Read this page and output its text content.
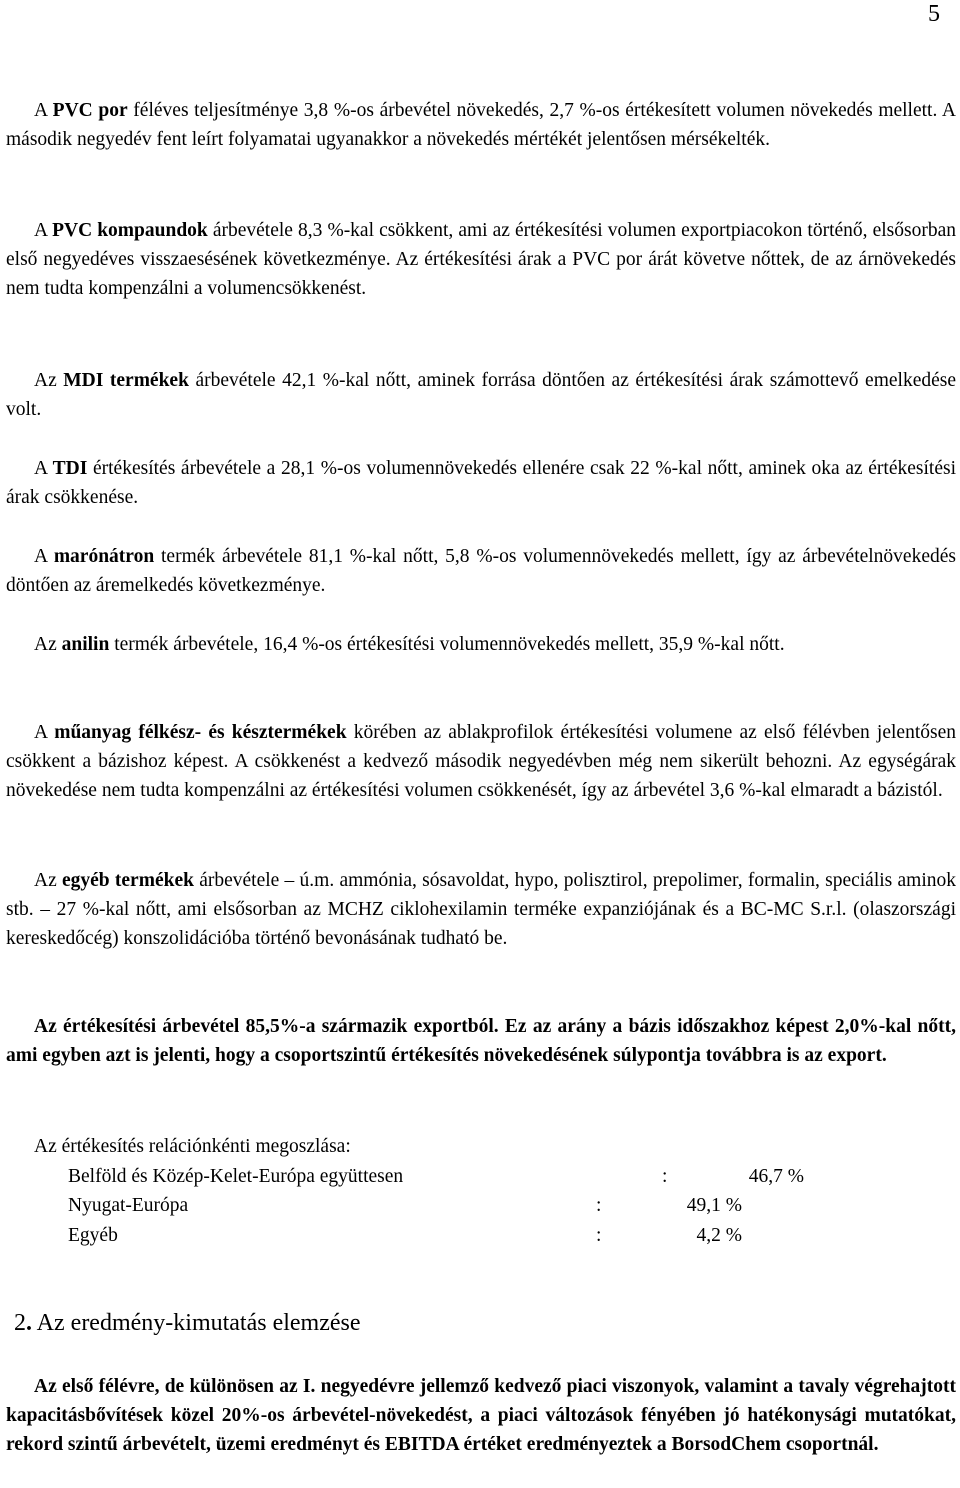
5

A PVC por féléves teljesítménye 3,8 %-os árbevétel növekedés, 2,7 %-os értékesített volumen növekedés mellett. A második negyedév fent leírt folyamatai ugyanakkor a növekedés mértékét jelentősen mérsékelték.

A PVC kompaundok árbevétele 8,3 %-kal csökkent, ami az értékesítési volumen exportpiacokon történő, elsősorban első negyedéves visszaesésének következménye. Az értékesítési árak a PVC por árát követve nőttek, de az árnövekedés nem tudta kompenzálni a volumencsökkenést.

Az MDI termékek árbevétele 42,1 %-kal nőtt, aminek forrása döntően az értékesítési árak számottevő emelkedése volt.

A TDI értékesítés árbevétele a 28,1 %-os volumennövekedés ellenére csak 22 %-kal nőtt, aminek oka az értékesítési árak csökkenése.

A marónátron termék árbevétele 81,1 %-kal nőtt, 5,8 %-os volumennövekedés mellett, így az árbevételnövekedés döntően az áremelkedés következménye.

Az anilin termék árbevétele, 16,4 %-os értékesítési volumennövekedés mellett, 35,9 %-kal nőtt.

A műanyag félkész- és késztermékek körében az ablakprofilok értékesítési volumene az első félévben jelentősen csökkent a bázishoz képest. A csökkenést a kedvező második negyedévben még nem sikerült behozni. Az egységárak növekedése nem tudta kompenzálni az értékesítési volumen csökkenését, így az árbevétel 3,6 %-kal elmaradt a bázistól.

Az egyéb termékek árbevétele – ú.m. ammónia, sósavoldat, hypo, polisztirol, prepolimer, formalin, speciális aminok stb. – 27 %-kal nőtt, ami elsősorban az MCHZ ciklohexilamin terméke expanziójának és a BC-MC S.r.l. (olaszországi kereskedőcég) konszolidációba történő bevonásának tudható be.

Az értékesítési árbevétel 85,5%-a származik exportból. Ez az arány a bázis időszakhoz képest 2,0%-kal nőtt, ami egyben azt is jelenti, hogy a csoportszintű értékesítés növekedésének súlypontja továbbra is az export.

Az értékesítés relációnkénti megoszlása:
Belföld és Közép-Kelet-Európa együttesen	:	46,7 %
Nyugat-Európa	:	49,1 %
Egyéb	:	4,2 %
2. Az eredmény-kimutatás elemzése

Az első félévre, de különösen az I. negyedévre jellemző kedvező piaci viszonyok, valamint a tavaly végrehajtott kapacitásbővítések közel 20%-os árbevétel-növekedést, a piaci változások fényében jó hatékonysági mutatókat, rekord szintű árbevételt, üzemi eredményt és EBITDA értéket eredményeztek a BorsodChem csoportnál.
